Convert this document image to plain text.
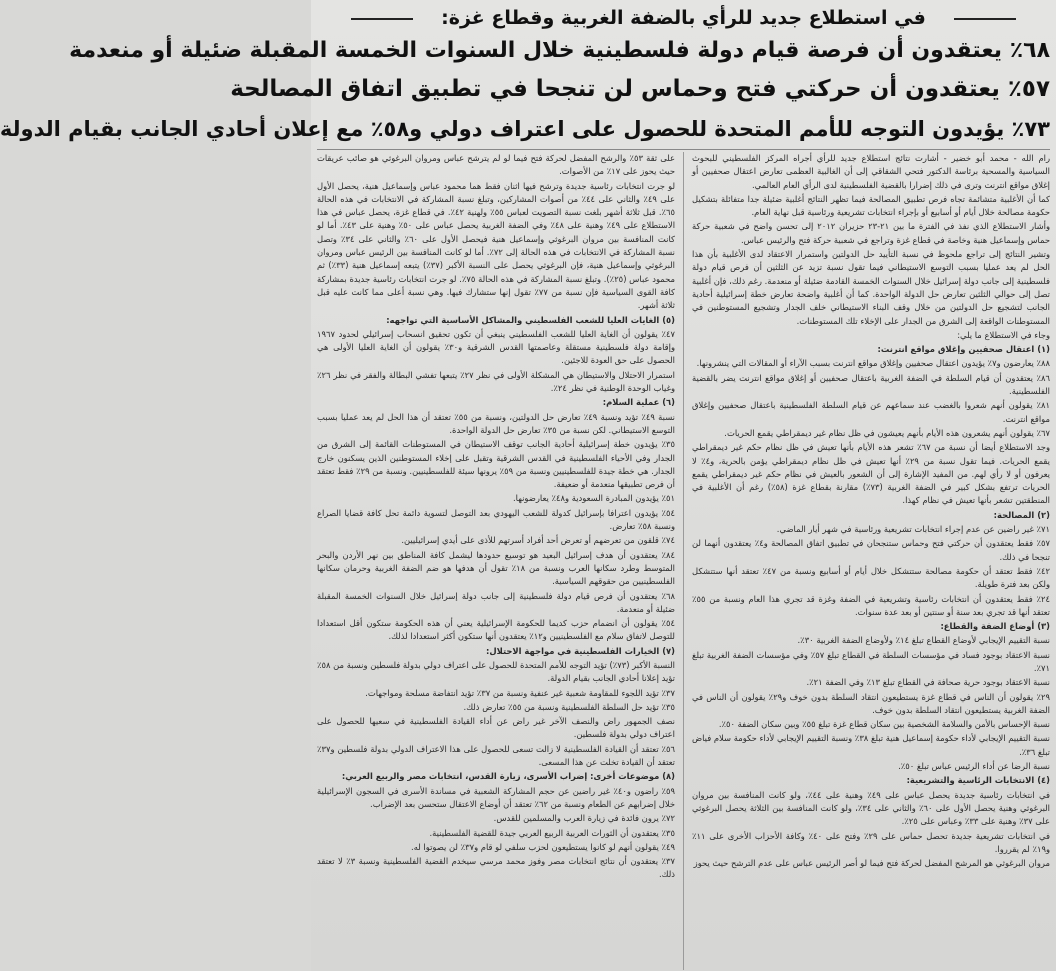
في استطلاع جديد للرأي بالضفة الغربية وقطاع غزة:
٦٨٪ يعتقدون أن فرصة قيام دولة فلسطينية خلال السنوات الخمسة المقبلة ضئيلة أو منعدمة
٥٧٪ يعتقدون أن حركتي فتح وحماس لن تنجحا في تطبيق اتفاق المصالحة
٧٣٪ يؤيدون التوجه للأمم المتحدة للحصول على اعتراف دولي و٥٨٪ مع إعلان أحادي الجانب بقيام الدولة

رام الله - محمد أبو خضير - أشارت نتائج استطلاع جديد للرأي أجراه المركز الفلسطيني للبحوث السياسية والمسحية برئاسة الدكتور فتحي الشقاقي إلى أن الغالبية العظمى تعارض اعتقال صحفيين أو إغلاق مواقع انترنت وترى في ذلك إضرارا بالقضية الفلسطينية لدى الرأي العام العالمي.

كما أن الأغلبية متشائمة تجاه فرص تطبيق المصالحة فيما تظهر النتائج أغلبية ضئيلة جدا متفائلة بتشكيل حكومة مصالحة خلال أيام أو أسابيع أو بإجراء انتخابات تشريعية ورئاسية قبل نهاية العام.

وأشار الاستطلاع الذي نفذ في الفترة ما بين ٢١-٢٣ حزيران ٢٠١٢ إلى تحسن واضح في شعبية حركة حماس وإسماعيل هنية وخاصة في قطاع غزة وتراجع في شعبية حركة فتح والرئيس عباس.

وتشير النتائج إلى تراجع ملحوظ في نسبة التأييد حل الدولتين واستمرار الاعتقاد لدى الأغلبية بأن هذا الحل لم يعد عمليا بسبب التوسع الاستيطاني فيما تقول نسبة تزيد عن الثلثين أن فرص قيام دولة فلسطينية إلى جانب دولة إسرائيل خلال السنوات الخمسة القادمة ضئيلة أو منعدمة. رغم ذلك، فإن أغلبية تصل إلى حوالي الثلثين تعارض حل الدولة الواحدة. كما أن أغلبية واضحة تعارض خطة إسرائيلية أحادية الجانب لتشجيع حل الدولتين من خلال وقف البناء الاستيطاني خلف الجدار وتشجيع المستوطنين في المستوطنات الواقعة إلى الشرق من الجدار على الإخلاء تلك المستوطنات.

وجاء في الاستطلاع ما يلي:

(١) اعتقال صحفيين وإغلاق مواقع انترنت:

٨٨٪ يعارضون و٧٪ يؤيدون اعتقال صحفيين وإغلاق مواقع انترنت بسبب الآراء أو المقالات التي ينشرونها.

٨٦٪ يعتقدون أن قيام السلطة في الضفة الغربية باعتقال صحفيين أو إغلاق مواقع انترنت يضر بالقضية الفلسطينية.

٨١٪ يقولون أنهم شعروا بالغضب عند سماعهم عن قيام السلطة الفلسطينية باعتقال صحفيين وإغلاق مواقع انترنت.

٦٧٪ يقولون أنهم يشعرون هذه الأيام بأنهم يعيشون في ظل نظام غير ديمقراطي يقمع الحريات.

وجد الاستطلاع أيضا أن نسبة من ٦٧٪ تشعر هذه الأيام بأنها تعيش في ظل نظام حكم غير ديمقراطي يقمع الحريات. فيما تقول نسبة من ٢٩٪ أنها تعيش في ظل نظام ديمقراطي يؤمن بالحرية، و٤٪ لا يعرفون أو لا رأي لهم. من المفيد الإشارة إلى أن الشعور بالعيش في نظام حكم غير ديمقراطي يقمع الحريات ترتفع بشكل كبير في الضفة الغربية (٧٣٪) مقارنة بقطاع غزة (٥٨٪) رغم أن الأغلبية في المنطقتين تشعر بأنها تعيش في نظام كهذا.

(٢) المصالحة:

٧١٪ غير راضين عن عدم إجراء انتخابات تشريعية ورئاسية في شهر أيار الماضي.

٥٧٪ فقط يعتقدون أن حركتي فتح وحماس ستنجحان في تطبيق اتفاق المصالحة و٤٪ يعتقدون أنهما لن تنجحا في ذلك.

٤٢٪ فقط تعتقد أن حكومة مصالحة ستتشكل خلال أيام أو أسابيع ونسبة من ٤٧٪ تعتقد أنها ستتشكل ولكن بعد فترة طويلة.

٢٤٪ فقط يعتقدون أن انتخابات رئاسية وتشريعية في الضفة وغزة قد تجري هذا العام ونسبة من ٥٥٪ تعتقد أنها قد تجري بعد سنة أو سنتين أو بعد عدة سنوات.

(٣) أوضاع الضفة والقطاع:

نسبة التقييم الإيجابي لأوضاع القطاع تبلغ ١٤٪ ولأوضاع الضفة الغربية ٣٠٪.

نسبة الاعتقاد بوجود فساد في مؤسسات السلطة في القطاع تبلغ ٥٧٪ وفي مؤسسات الضفة الغربية تبلغ ٧١٪.

نسبة الاعتقاد بوجود حرية صحافة في القطاع تبلغ ١٣٪ وفي الضفة ٢١٪.

٢٩٪ يقولون أن الناس في قطاع غزة يستطيعون انتقاد السلطة بدون خوف و٢٩٪ يقولون أن الناس في الضفة الغربية يستطيعون انتقاد السلطة بدون خوف.

نسبة الإحساس بالأمن والسلامة الشخصية بين سكان قطاع غزة تبلغ ٥٥٪ وبين سكان الضفة ٥٠٪.

نسبة التقييم الإيجابي لأداء حكومة إسماعيل هنية تبلغ ٣٨٪ ونسبة التقييم الإيجابي لأداء حكومة سلام فياض تبلغ ٣٦٪.

نسبة الرضا عن أداء الرئيس عباس تبلغ ٥٠٪.

(٤) الانتخابات الرئاسية والتشريعية:

في انتخابات رئاسية جديدة يحصل عباس على ٤٩٪ وهنية على ٤٤٪، ولو كانت المنافسة بين مروان البرغوثي وهنية يحصل الأول على ٦٠٪ والثاني على ٣٤٪، ولو كانت المنافسة بين الثلاثة يحصل البرغوثي على ٣٧٪ وهنية على ٣٣٪ وعباس على ٢٥٪.

في انتخابات تشريعية جديدة تحصل حماس على ٢٩٪ وفتح على ٤٠٪ وكافة الأحزاب الأخرى على ١١٪ و١٩٪ لم يقرروا.

مروان البرغوثي هو المرشح المفضل لحركة فتح فيما لو أصر الرئيس عباس على عدم الترشح حيث يحوز

على ثقة ٥٣٪ والرشح المفضل لحركة فتح فيما لو لم يترشح عباس ومروان البرغوثي هو صائب عريقات حيث يحوز على ١٧٪ من الأصوات.

لو جرت انتخابات رئاسية جديدة وترشح فيها اثنان فقط هما محمود عباس وإسماعيل هنية، يحصل الأول على ٤٩٪ والثاني على ٤٤٪ من أصوات المشاركين، وتبلغ نسبة المشاركة في الانتخابات في هذه الحالة ٦٥٪. قبل ثلاثة أشهر بلغت نسبة التصويت لعباس ٥٥٪ ولهنية ٤٢٪. في قطاع غزة، يحصل عباس في هذا الاستطلاع على ٤٩٪ وهنية على ٤٨٪ وفي الضفة الغربية يحصل عباس على ٥٠٪ وهنية على ٤٣٪. أما لو كانت المنافسة بين مروان البرغوثي وإسماعيل هنية فيحصل الأول على ٦٠٪ والثاني على ٣٤٪ وتصل نسبة المشاركة في الانتخابات في هذه الحالة إلى ٧٢٪. أما لو كانت المنافسة بين الرئيس عباس ومروان البرغوثي وإسماعيل هنية، فإن البرغوثي يحصل على النسبة الأكبر (٣٧٪) يتبعه إسماعيل هنية (٣٣٪) ثم محمود عباس (٢٥٪). وتبلغ نسبة المشاركة في هذه الحالة ٧٥٪. لو جرت انتخابات رئاسية جديدة بمشاركة كافة القوى السياسية فإن نسبة من ٧٧٪ تقول إنها ستشارك فيها. وهي نسبة أعلى مما كانت عليه قبل ثلاثة أشهر.

(٥) الغايات العليا للشعب الفلسطيني والمشاكل الأساسية التي تواجهه:

٤٧٪ يقولون أن الغاية العليا للشعب الفلسطيني ينبغي أن تكون تحقيق انسحاب إسرائيلي لحدود ١٩٦٧ وإقامة دولة فلسطينية مستقلة وعاصمتها القدس الشرقية و٣٠٪ يقولون أن الغاية العليا الأولى هي الحصول على حق العودة للاجئين.

استمرار الاحتلال والاستيطان هي المشكلة الأولى في نظر ٢٧٪ يتبعها تفشي البطالة والفقر في نظر ٢٦٪ وغياب الوحدة الوطنية في نظر ٢٤٪.

(٦) عملية السلام:

نسبة ٤٩٪ تؤيد ونسبة ٤٩٪ تعارض حل الدولتين، ونسبة من ٥٥٪ تعتقد أن هذا الحل لم يعد عمليا بسبب التوسع الاستيطاني. لكن نسبة من ٣٥٪ تعارض حل الدولة الواحدة.

٣٥٪ يؤيدون خطة إسرائيلية أحادية الجانب توقف الاستيطان في المستوطنات القائمة إلى الشرق من الجدار وفي الأحياء الفلسطينية في القدس الشرقية وتقبل على إخلاء المستوطنين الذين يسكنون خارج الجدار. هي خطة جيدة للفلسطينيين ونسبة من ٥٩٪ يرونها سيئة للفلسطينيين. ونسبة من ٢٩٪ فقط تعتقد أن فرص تطبيقها منعدمة أو ضعيفة.

٥١٪ يؤيدون المبادرة السعودية و٤٨٪ يعارضونها.

٥٤٪ يؤيدون اعترافا بإسرائيل كدولة للشعب اليهودي بعد التوصل لتسوية دائمة تحل كافة قضايا الصراع ونسبة ٥٨٪ تعارض.

٧٤٪ قلقون من تعرضهم أو تعرض أحد أفراد أسرتهم للأذى على أيدي إسرائيليين.

٨٤٪ يعتقدون أن هدف إسرائيل البعيد هو توسيع حدودها ليشمل كافة المناطق بين نهر الأردن والبحر المتوسط وطرد سكانها العرب ونسبة من ١٨٪ تقول أن هدفها هو ضم الضفة الغربية وحرمان سكانها الفلسطينيين من حقوقهم السياسية.

٦٨٪ يعتقدون أن فرص قيام دولة فلسطينية إلى جانب دولة إسرائيل خلال السنوات الخمسة المقبلة ضئيلة أو منعدمة.

٥٤٪ يقولون أن انضمام حزب كديما للحكومة الإسرائيلية يعني أن هذه الحكومة ستكون أقل استعدادا للتوصل لاتفاق سلام مع الفلسطينيين و١٢٪ يعتقدون أنها ستكون أكثر استعدادا لذلك.

(٧) الخيارات الفلسطينية في مواجهة الاحتلال:

النسبة الأكبر (٧٣٪) تؤيد التوجه للأمم المتحدة للحصول على اعتراف دولي بدولة فلسطين ونسبة من ٥٨٪ تؤيد إعلانا أحادي الجانب بقيام الدولة.

٣٧٪ تؤيد اللجوء للمقاومة شعبية غير عنفية ونسبة من ٣٧٪ تؤيد انتفاضة مسلحة ومواجهات.

٣٥٪ تؤيد حل السلطة الفلسطينية ونسبة من ٥٥٪ تعارض ذلك.

نصف الجمهور راض والنصف الآخر غير راض عن أداء القيادة الفلسطينية في سعيها للحصول على اعتراف دولي بدولة فلسطين.

٥٦٪ تعتقد أن القيادة الفلسطينية لا زالت تسعى للحصول على هذا الاعتراف الدولي بدولة فلسطين و٣٧٪ تعتقد أن القيادة تخلت عن هذا المسعى.

(٨) موضوعات أخرى: إضراب الأسرى، زيارة القدس، انتخابات مصر والربيع العربي:

٥٩٪ راضون و٤٠٪ غير راضين عن حجم المشاركة الشعبية في مساندة الأسرى في السجون الإسرائيلية خلال إضرابهم عن الطعام ونسبة من ٦٢٪ تعتقد أن أوضاع الاعتقال ستحسن بعد الإضراب.

٧٢٪ يرون فائدة في زيارة العرب والمسلمين للقدس.

٣٥٪ يعتقدون أن الثورات العربية الربيع العربي جيدة للقضية الفلسطينية.

٤٩٪ يقولون أنهم لو كانوا يستطيعون لحزب سلفي لو قام و٣٧٪ لن يصوتوا له.

٣٧٪ يعتقدون أن نتائج انتخابات مصر وفوز محمد مرسي سيخدم القضية الفلسطينية ونسبة ٣٪ لا تعتقد ذلك.
